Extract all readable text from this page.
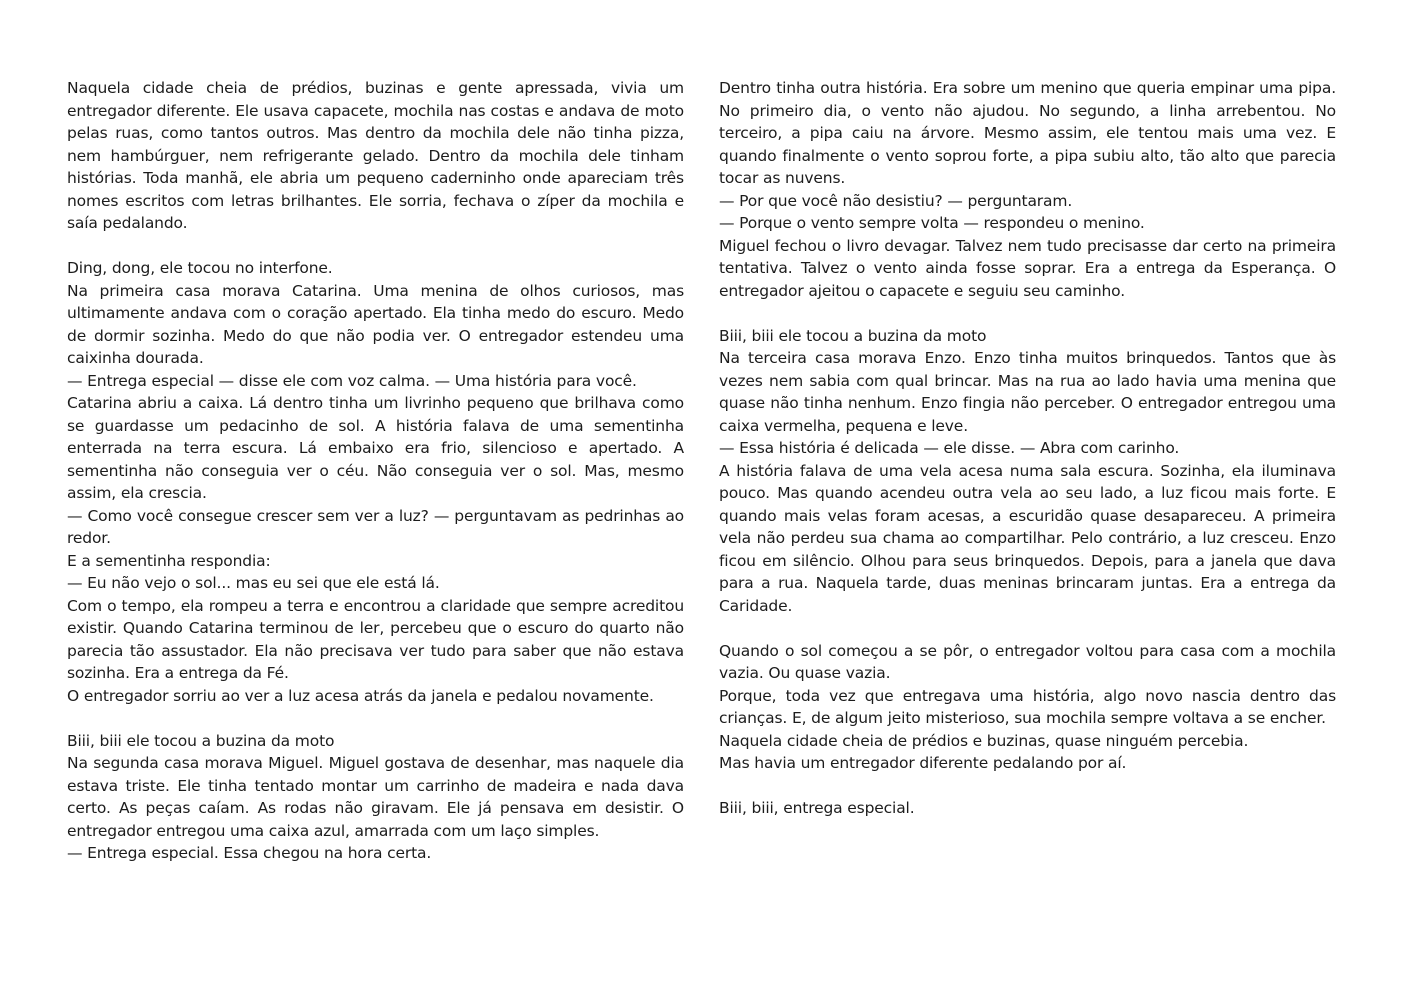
Naquela cidade cheia de prédios, buzinas e gente apressada, vivia um entregador diferente. Ele usava capacete, mochila nas costas e andava de moto pelas ruas, como tantos outros. Mas dentro da mochila dele não tinha pizza, nem hambúrguer, nem refrigerante gelado. Dentro da mochila dele tinham histórias. Toda manhã, ele abria um pequeno caderninho onde apareciam três nomes escritos com letras brilhantes. Ele sorria, fechava o zíper da mochila e saía pedalando.

Ding, dong, ele tocou no interfone.

Na primeira casa morava Catarina. Uma menina de olhos curiosos, mas ultimamente andava com o coração apertado. Ela tinha medo do escuro. Medo de dormir sozinha. Medo do que não podia ver. O entregador estendeu uma caixinha dourada.

— Entrega especial — disse ele com voz calma. — Uma história para você.

Catarina abriu a caixa. Lá dentro tinha um livrinho pequeno que brilhava como se guardasse um pedacinho de sol. A história falava de uma sementinha enterrada na terra escura. Lá embaixo era frio, silencioso e apertado. A sementinha não conseguia ver o céu. Não conseguia ver o sol. Mas, mesmo assim, ela crescia.

— Como você consegue crescer sem ver a luz? — perguntavam as pedrinhas ao redor.

E a sementinha respondia:

— Eu não vejo o sol... mas eu sei que ele está lá.

Com o tempo, ela rompeu a terra e encontrou a claridade que sempre acreditou existir. Quando Catarina terminou de ler, percebeu que o escuro do quarto não parecia tão assustador. Ela não precisava ver tudo para saber que não estava sozinha. Era a entrega da Fé.

O entregador sorriu ao ver a luz acesa atrás da janela e pedalou novamente.

Biii, biii ele tocou a buzina da moto

Na segunda casa morava Miguel. Miguel gostava de desenhar, mas naquele dia estava triste. Ele tinha tentado montar um carrinho de madeira e nada dava certo. As peças caíam. As rodas não giravam. Ele já pensava em desistir. O entregador entregou uma caixa azul, amarrada com um laço simples.

— Entrega especial. Essa chegou na hora certa.

Dentro tinha outra história. Era sobre um menino que queria empinar uma pipa. No primeiro dia, o vento não ajudou. No segundo, a linha arrebentou. No terceiro, a pipa caiu na árvore. Mesmo assim, ele tentou mais uma vez. E quando finalmente o vento soprou forte, a pipa subiu alto, tão alto que parecia tocar as nuvens.

— Por que você não desistiu? — perguntaram.

— Porque o vento sempre volta — respondeu o menino.

Miguel fechou o livro devagar. Talvez nem tudo precisasse dar certo na primeira tentativa. Talvez o vento ainda fosse soprar. Era a entrega da Esperança. O entregador ajeitou o capacete e seguiu seu caminho.

Biii, biii ele tocou a buzina da moto

Na terceira casa morava Enzo. Enzo tinha muitos brinquedos. Tantos que às vezes nem sabia com qual brincar. Mas na rua ao lado havia uma menina que quase não tinha nenhum. Enzo fingia não perceber. O entregador entregou uma caixa vermelha, pequena e leve.

— Essa história é delicada — ele disse. — Abra com carinho.

A história falava de uma vela acesa numa sala escura. Sozinha, ela iluminava pouco. Mas quando acendeu outra vela ao seu lado, a luz ficou mais forte. E quando mais velas foram acesas, a escuridão quase desapareceu. A primeira vela não perdeu sua chama ao compartilhar. Pelo contrário, a luz cresceu. Enzo ficou em silêncio. Olhou para seus brinquedos. Depois, para a janela que dava para a rua. Naquela tarde, duas meninas brincaram juntas. Era a entrega da Caridade.

Quando o sol começou a se pôr, o entregador voltou para casa com a mochila vazia. Ou quase vazia.

Porque, toda vez que entregava uma história, algo novo nascia dentro das crianças. E, de algum jeito misterioso, sua mochila sempre voltava a se encher.

Naquela cidade cheia de prédios e buzinas, quase ninguém percebia.

Mas havia um entregador diferente pedalando por aí.

Biii, biii, entrega especial.
